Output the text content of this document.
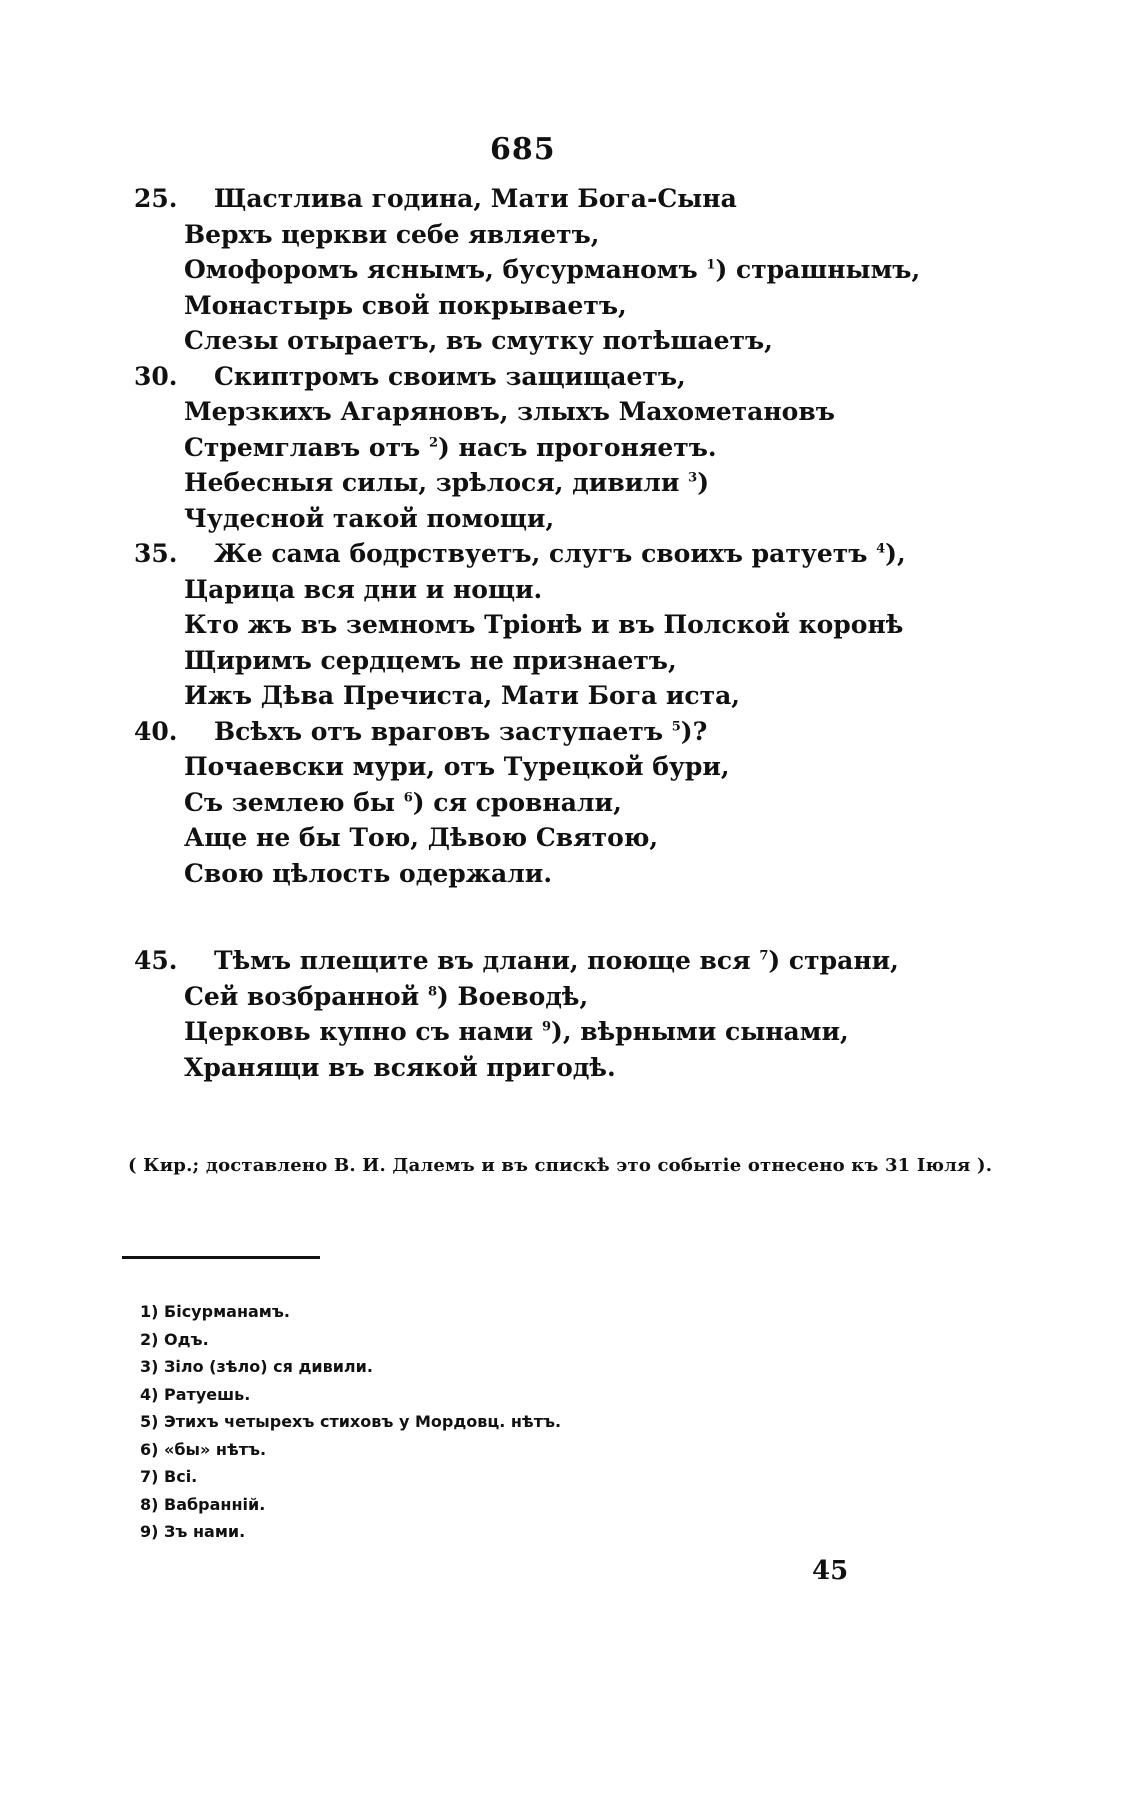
685
25. Щастлива година, Мати Бога-Сына
Верхъ церкви себе являетъ,
Омофоромъ яснымъ, бусурманомъ $^1$) страшнымъ,
Монастырь свой покрываетъ,
Слезы отыраетъ, въ смутку потѣшаетъ,
30. Скиптромъ своимъ защищаетъ,
Мерзкихъ Агаряновъ, злыхъ Махометановъ
Стремглавъ отъ $^2$) насъ прогоняетъ.
Небесныя силы, зрѣлося, дивили $^3$)
Чудесной такой помощи,
35. Же сама бодрствуетъ, слугъ своихъ ратуетъ $^4$),
Царица вся дни и нощи.
Кто жъ въ земномъ Тріонѣ и въ Полской коронѣ
Щиримъ сердцемъ не признаетъ,
Ижъ Дѣва Пречиста, Мати Бога иста,
40. Всѣхъ отъ враговъ заступаетъ $^5$)?
Почаевски мури, отъ Турецкой бури,
Съ землею бы $^6$) ся сровнали,
Аще не бы Тою, Дѣвою Святою,
Свою цѣлость одержали.
45. Тѣмъ плещите въ длани, поюще вся $^7$) страни,
Сей возбранной $^8$) Воеводѣ,
Церковь купно съ нами $^9$), вѣрными сынами,
Хранящи въ всякой пригодѣ.
( Кир.; доставлено В. И. Далемъ и въ спискѣ это событіе отнесено къ 31 Іюля ).
1) Бісурманамъ.
2) Одъ.
3) Зіло (зѣло) ся дивили.
4) Ратуешь.
5) Этихъ четырехъ стиховъ у Мордовц. нѣтъ.
6) «бы» нѣтъ.
7) Всі.
8) Вабранній.
9) Зъ нами.
45
